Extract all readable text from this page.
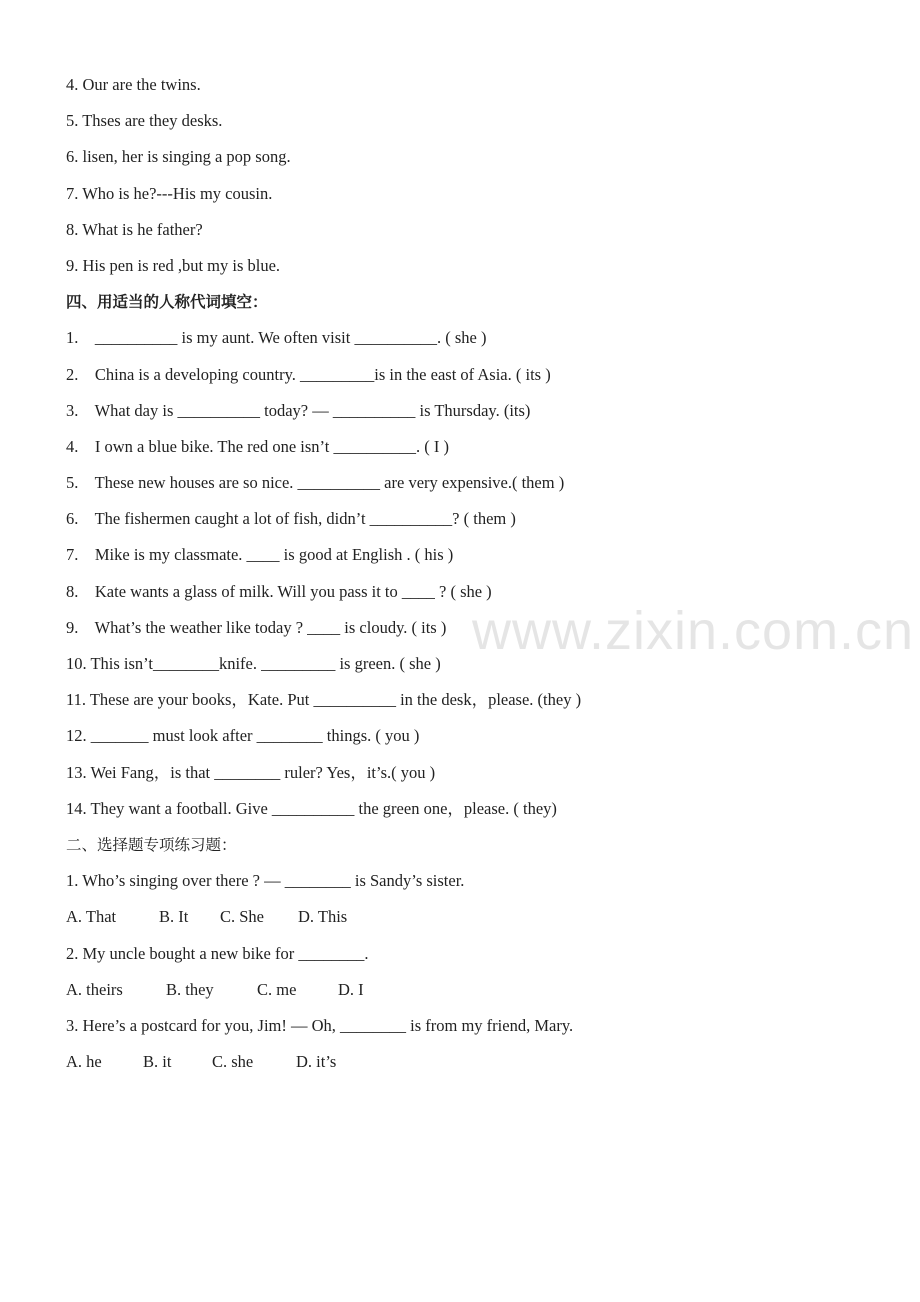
4. Our are the twins.
5. Thses are they desks.
6. lisen, her is singing a pop song.
7. Who is he?---His my cousin.
8. What is he father?
9. His pen is red ,but my is blue.
四、用适当的人称代词填空：
1.    __________ is my aunt. We often visit __________. ( she )
2.    China is a developing country. _________is in the east of Asia. ( its )
3.    What day is __________ today? — __________ is Thursday. (its)
4.    I own a blue bike. The red one isn’t __________. ( I )
5.    These new houses are so nice. __________ are very expensive.( them )
6.    The fishermen caught a lot of fish, didn’t __________? ( them )
7.    Mike is my classmate. ____ is good at English . ( his )
8.    Kate wants a glass of milk. Will you pass it to ____ ? ( she )
9.    What’s the weather like today ? ____ is cloudy. ( its )
10. This isn’t________knife. _________ is green. ( she )
11. These are your books，Kate. Put __________ in the desk，please. (they )
12. _______ must look after ________ things. ( you )
13. Wei Fang，is that ________ ruler? Yes，it’s.( you )
14. They want a football. Give __________ the green one，please. ( they)
二、选择题专项练习题：
1. Who’s singing over there ? — ________ is Sandy’s sister.
A. That	B. It	C. She	D. This
2. My uncle bought a new bike for ________.
A. theirs	B. they	C. me	D. I
3. Here’s a postcard for you, Jim! — Oh, ________ is from my friend, Mary.
A. he	B. it	C. she	D. it’s
www.zixin.com.cn
